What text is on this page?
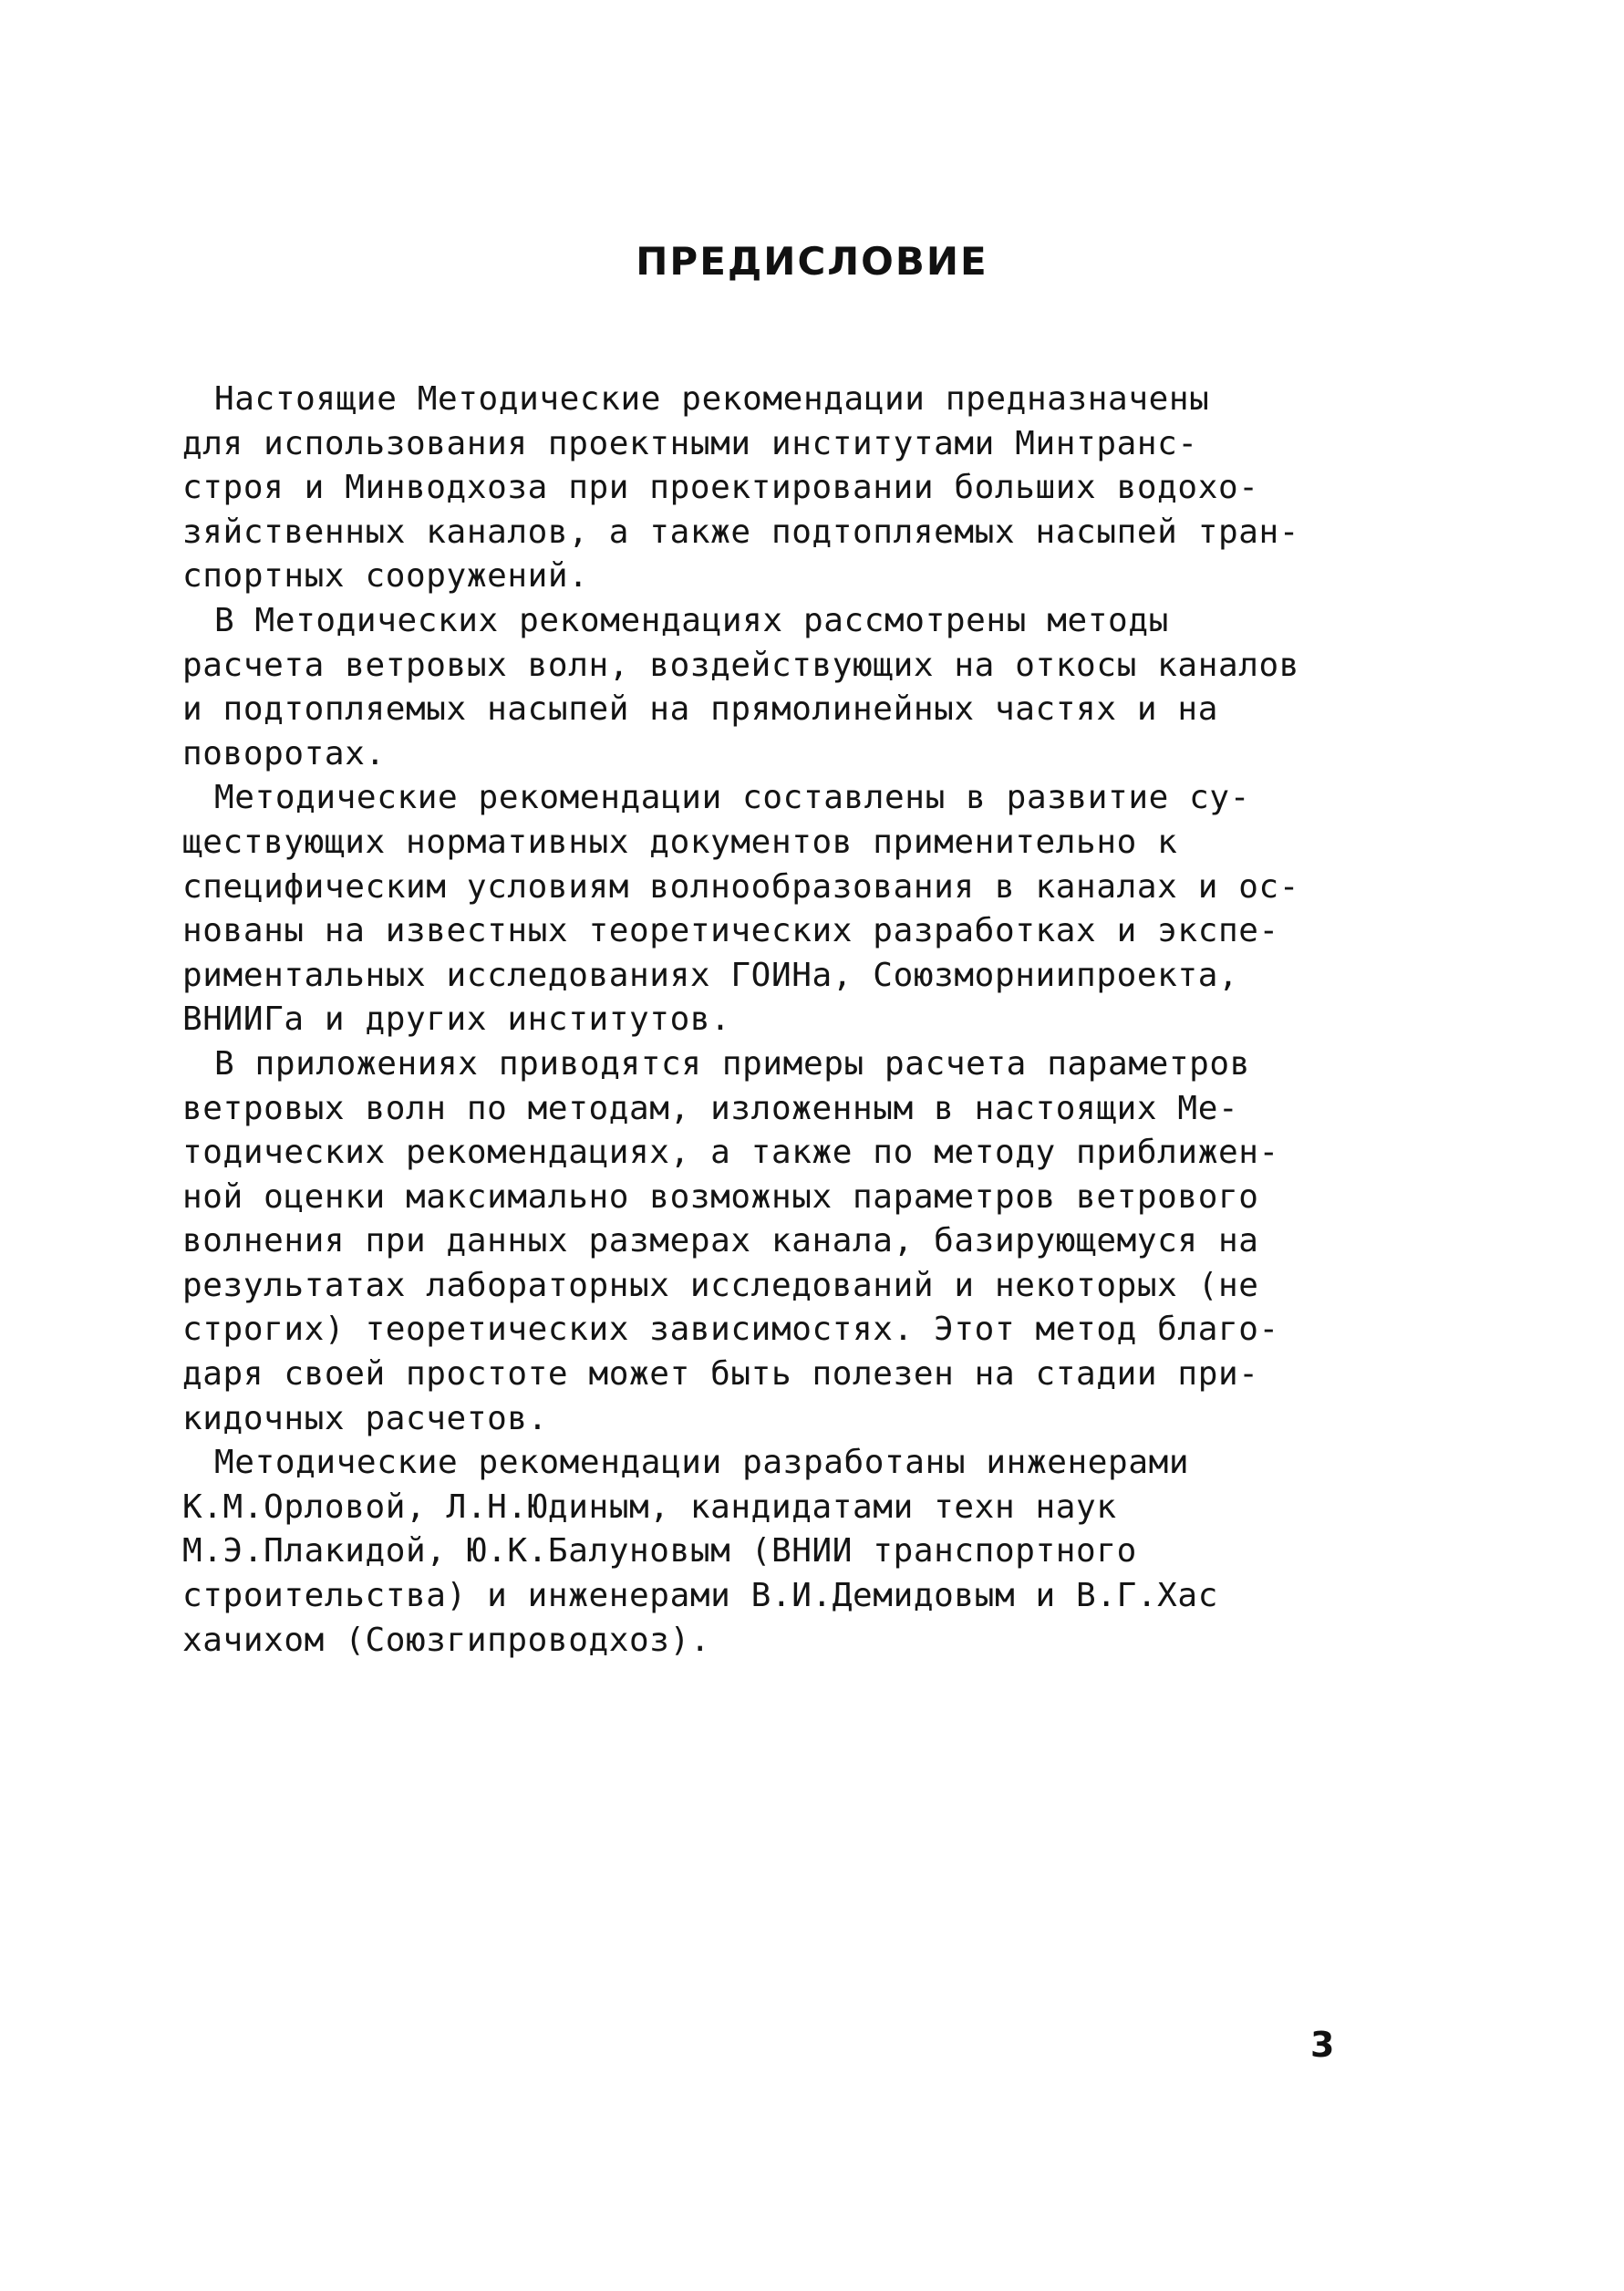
ПРЕДИСЛОВИЕ
Настоящие Методические рекомендации предназначены
для использования проектными институтами Минтранс-
строя и Минводхоза при проектировании больших водохо-
зяйственных каналов, а также подтопляемых насыпей тран-
спортных сооружений.
В Методических рекомендациях рассмотрены методы
расчета ветровых волн, воздействующих на откосы каналов
и подтопляемых насыпей на прямолинейных частях и на
поворотах.
Методические рекомендации составлены в развитие су-
ществующих нормативных документов применительно к
специфическим условиям волнообразования в каналах и ос-
нованы на известных теоретических разработках и экспе-
риментальных исследованиях ГОИНа, Союзморниипроекта,
ВНИИГа и других институтов.
В приложениях приводятся примеры расчета параметров
ветровых волн по методам, изложенным в настоящих Ме-
тодических рекомендациях, а также по методу приближен-
ной оценки максимально возможных параметров ветрового
волнения при данных размерах канала, базирующемуся на
результатах лабораторных исследований и некоторых (не
строгих) теоретических зависимостях. Этот метод благо-
даря своей простоте может быть полезен на стадии при-
кидочных расчетов.
Методические рекомендации разработаны инженерами
К.М.Орловой, Л.Н.Юдиным, кандидатами техн наук
М.Э.Плакидой, Ю.К.Балуновым (ВНИИ транспортного
строительства) и инженерами В.И.Демидовым и В.Г.Хас
хачихом (Союзгипроводхоз).
3
